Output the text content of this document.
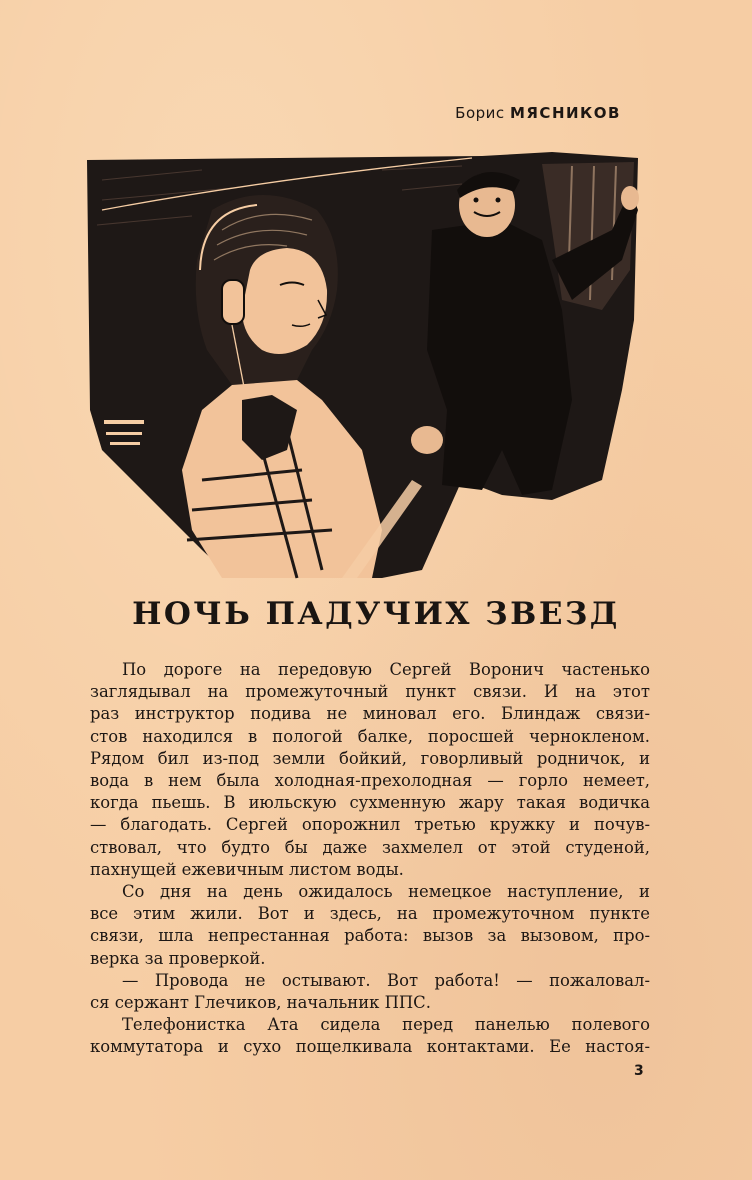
Борис МЯСНИКОВ
НОЧЬ ПАДУЧИХ ЗВЕЗД
По дороге на передовую Сергей Воронич частенько
заглядывал на промежуточный пункт связи. И на этот
раз инструктор подива не миновал его. Блиндаж связи-
стов находился в пологой балке, поросшей чернокленом.
Рядом бил из-под земли бойкий, говорливый родничок, и
вода в нем была холодная-прехолодная — горло немеет,
когда пьешь. В июльскую сухменную жару такая водичка
— благодать. Сергей опорожнил третью кружку и почув-
ствовал, что будто бы даже захмелел от этой студеной,
пахнущей ежевичным листом воды.
Со дня на день ожидалось немецкое наступление, и
все этим жили. Вот и здесь, на промежуточном пункте
связи, шла непрестанная работа: вызов за вызовом, про-
верка за проверкой.
— Провода не остывают. Вот работа! — пожаловал-
ся сержант Глечиков, начальник ППС.
Телефонистка Ата сидела перед панелью полевого
коммутатора и сухо пощелкивала контактами. Ее настоя-
3
